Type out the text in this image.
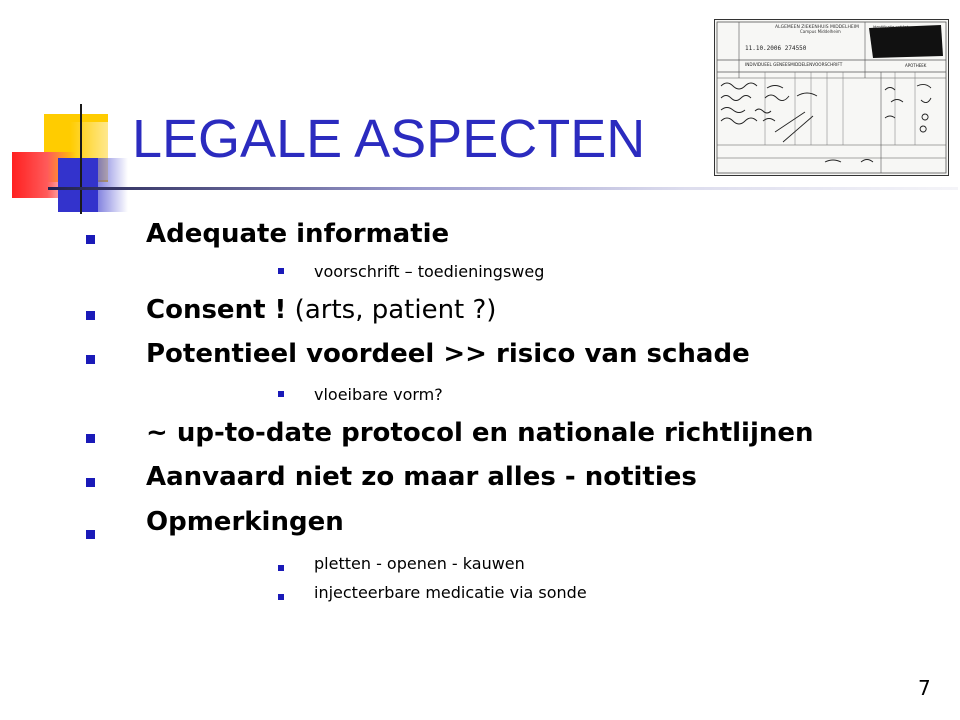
LEGALE ASPECTEN
ALGEMEEN ZIEKENHUIS MIDDELHEIM
Campus Middelheim
11.10.2006 274550
INDIVIDUEEL GENEESMIDDELENVOORSCHRIFT
Identificatie patiënt
APOTHEEK
Adequate informatie
voorschrift – toedieningsweg
Consent ! (arts, patient ?)
Potentieel voordeel >> risico van schade
vloeibare vorm?
~ up-to-date protocol en nationale richtlijnen
Aanvaard niet zo maar alles - notities
Opmerkingen
pletten - openen - kauwen
injecteerbare medicatie via sonde
7
